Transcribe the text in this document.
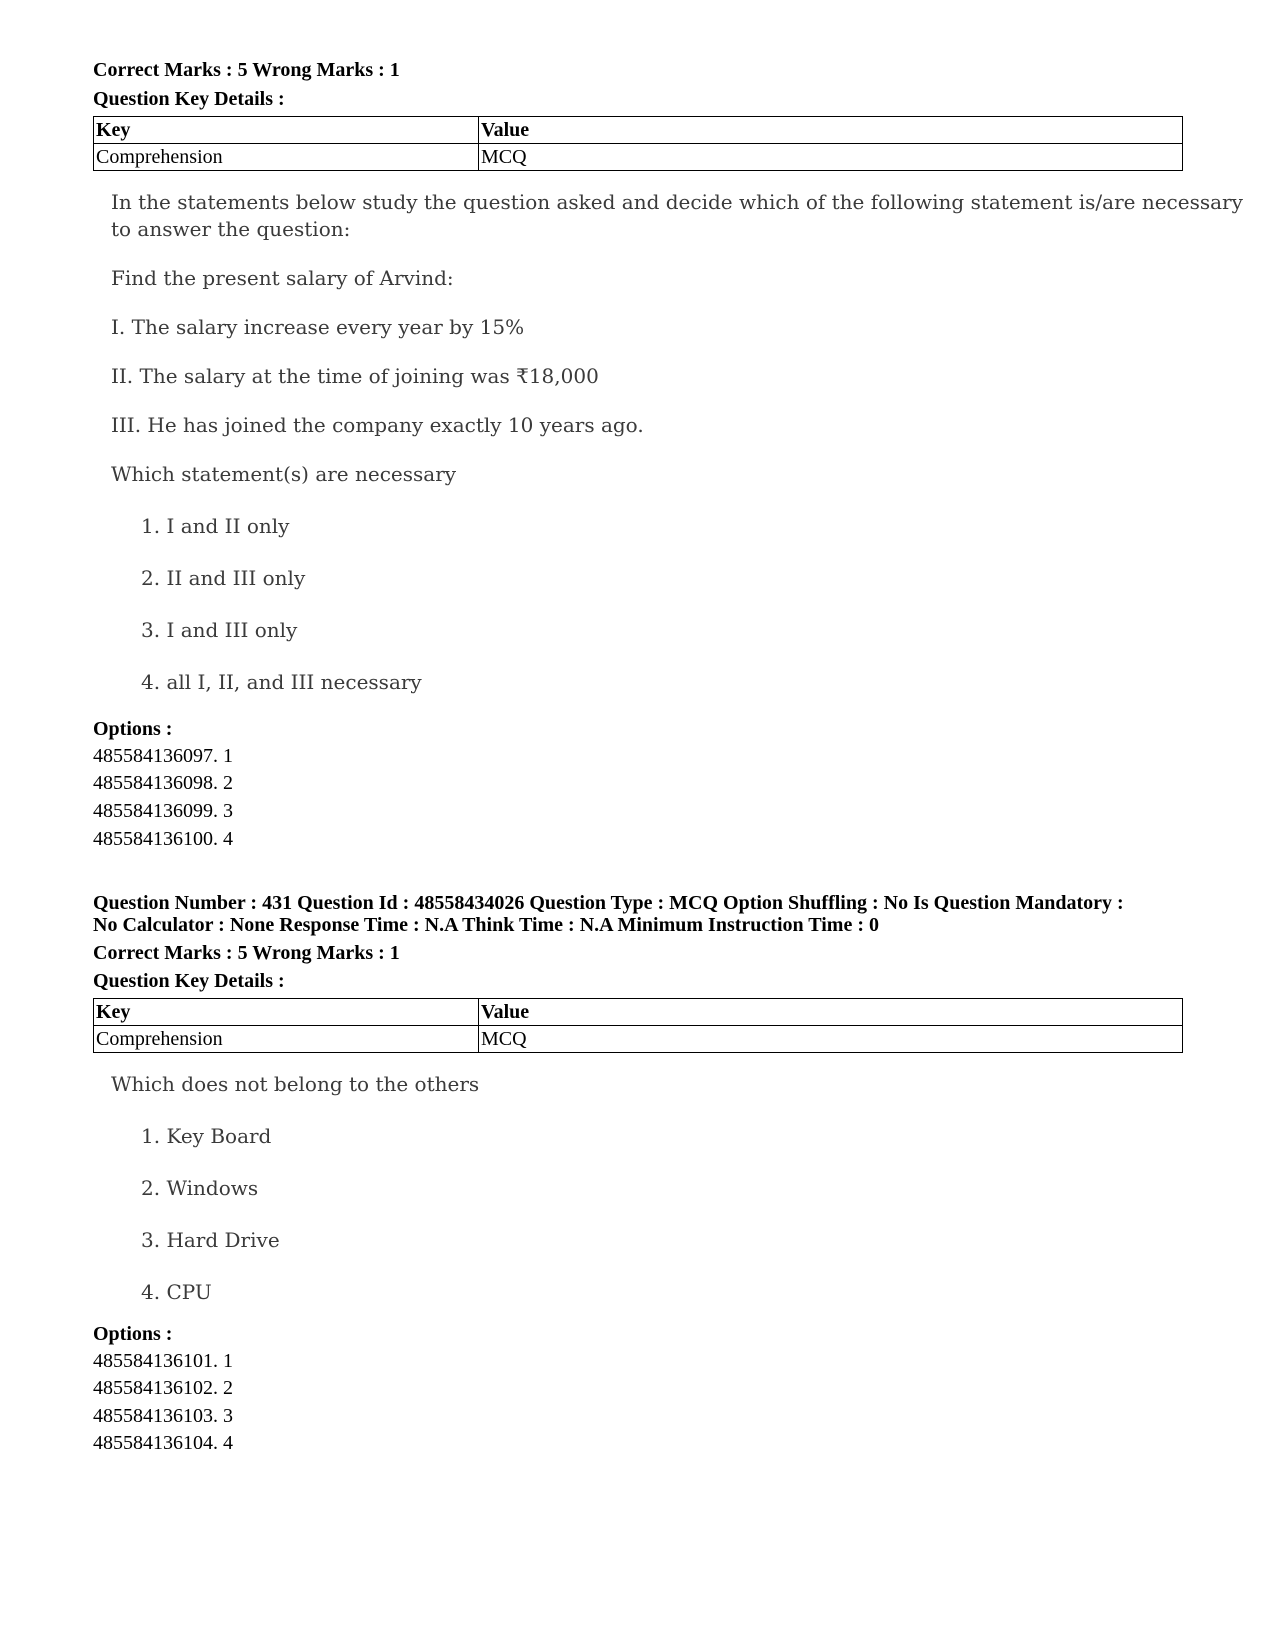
Correct Marks : 5 Wrong Marks : 1
Question Key Details :
Key	Value
Comprehension	MCQ
In the statements below study the question asked and decide which of the following statement is/are necessary
to answer the question:
Find the present salary of Arvind:
I. The salary increase every year by 15%
II. The salary at the time of joining was ₹18,000
III. He has joined the company exactly 10 years ago.
Which statement(s) are necessary
1. I and II only
2. II and III only
3. I and III only
4. all I, II, and III necessary
Options :
485584136097. 1
485584136098. 2
485584136099. 3
485584136100. 4
Question Number : 431 Question Id : 48558434026 Question Type : MCQ Option Shuffling : No Is Question Mandatory :
No Calculator : None Response Time : N.A Think Time : N.A Minimum Instruction Time : 0
Correct Marks : 5 Wrong Marks : 1
Question Key Details :
Key	Value
Comprehension	MCQ
Which does not belong to the others
1. Key Board
2. Windows
3. Hard Drive
4. CPU
Options :
485584136101. 1
485584136102. 2
485584136103. 3
485584136104. 4
